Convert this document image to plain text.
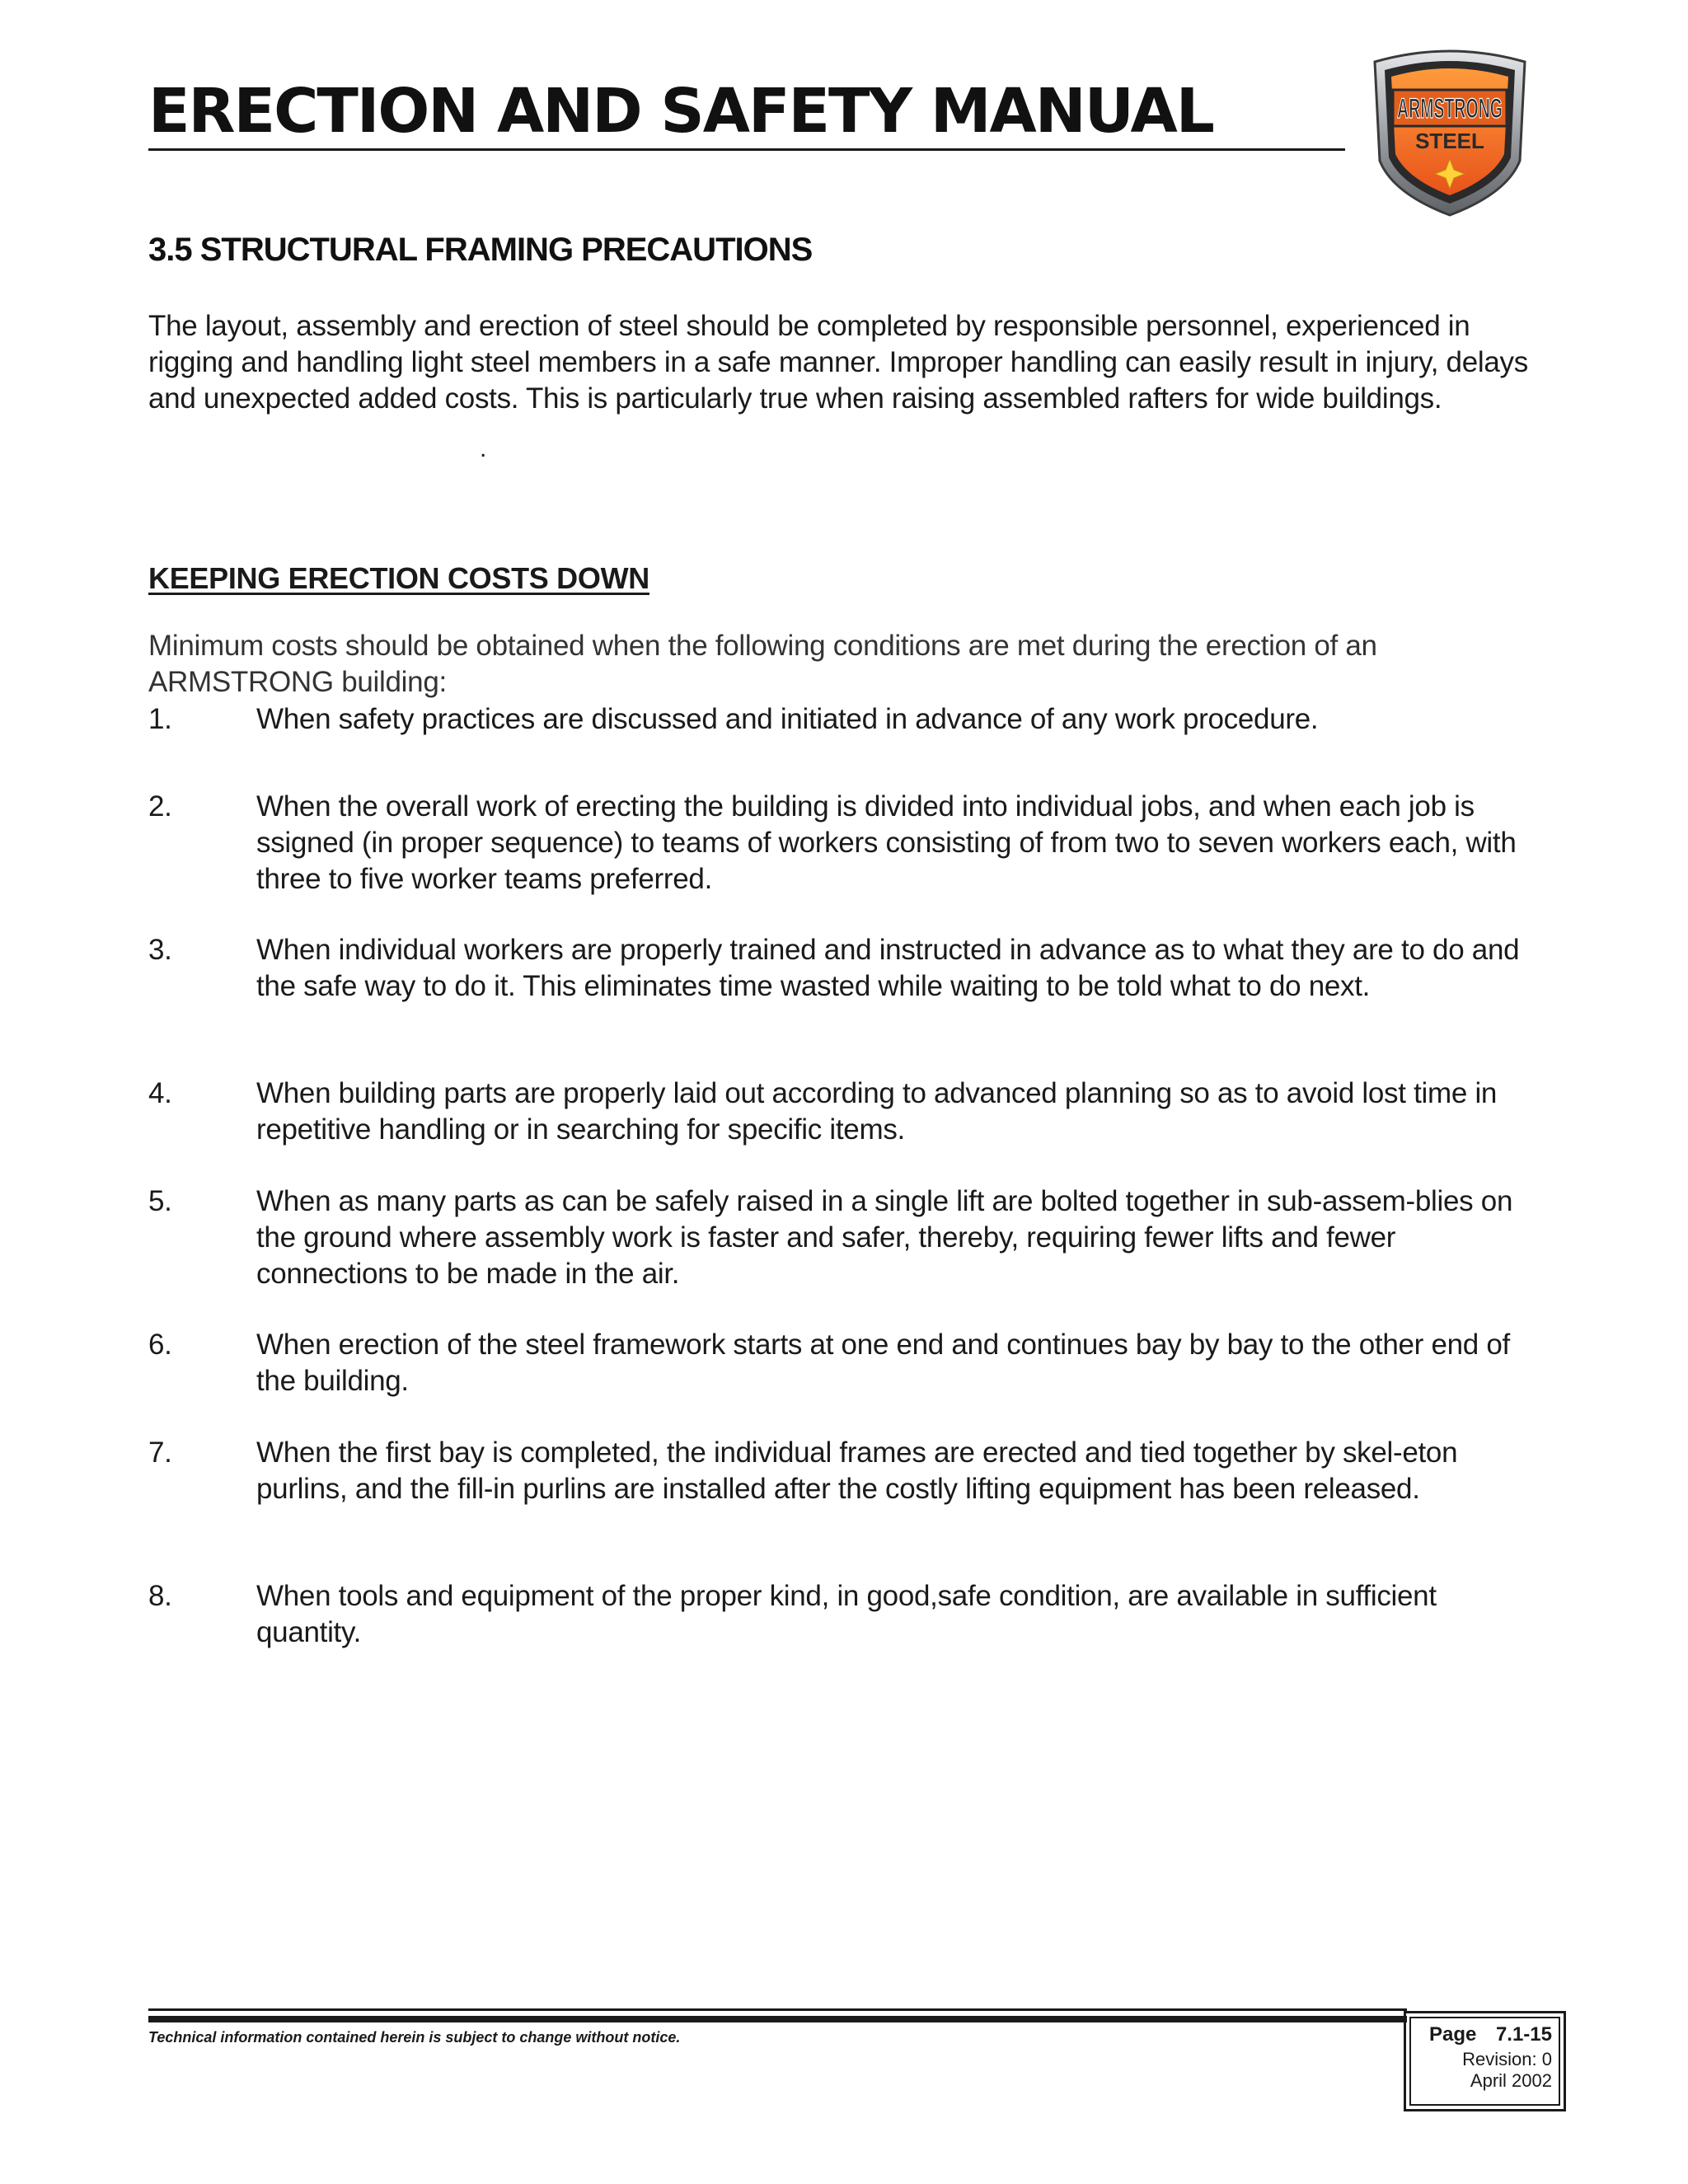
ERECTION AND SAFETY MANUAL	ARMSTRONG
STEEL
3.5 STRUCTURAL FRAMING PRECAUTIONS

The layout, assembly and erection of steel should be completed by responsible personnel, experienced in rigging and handling light steel members in a safe manner. Improper handling can easily result in injury, delays and unexpected added costs. This is particularly true when raising assembled rafters for wide buildings.

.
KEEPING ERECTION COSTS DOWN

Minimum costs should be obtained when the following conditions are met during the erection of an ARMSTRONG building:

1.	When safety practices are discussed and initiated in advance of any work procedure.
2.	When the overall work of erecting the building is divided into individual jobs, and when each job is ssigned (in proper sequence) to teams of workers consisting of from two to seven workers each, with three to five worker teams preferred.
3.	When individual workers are properly trained and instructed in advance as to what they are to do and the safe way to do it. This eliminates time wasted while waiting to be told what to do next.
4.	When building parts are properly laid out according to advanced planning so as to avoid lost time in repetitive handling or in searching for specific items.
5.	When as many parts as can be safely raised in a single lift are bolted together in sub-assem-blies on the ground where assembly work is faster and safer, thereby, requiring fewer lifts and fewer connections to be made in the air.
6.	When erection of the steel framework starts at one end and continues bay by bay to the other end of the building.
7.	When the first bay is completed, the individual frames are erected and tied together by skel-eton purlins, and the fill-in purlins are installed after the costly lifting equipment has been released.
8.	When tools and equipment of the proper kind, in good,safe condition, are available in sufficient quantity.

Technical information contained herein is subject to change without notice.	Page 7.1-15
Revision: 0
April 2002
